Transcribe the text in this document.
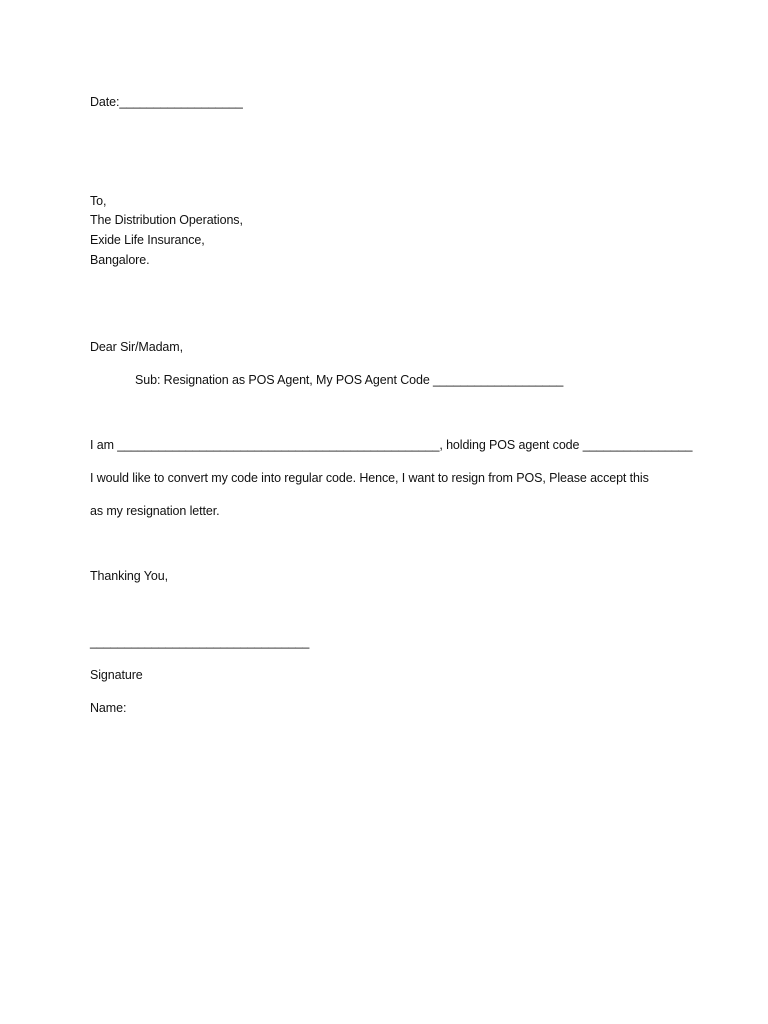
Date:__________________
To,
The Distribution Operations,
Exide Life Insurance,
Bangalore.
Dear Sir/Madam,
Sub: Resignation as POS Agent, My POS Agent Code ___________________
I am _______________________________________________, holding POS agent code ________________
I would like to convert my code into regular code. Hence, I want to resign from POS, Please accept this
as my resignation letter.
Thanking You,
________________________________
Signature
Name:
